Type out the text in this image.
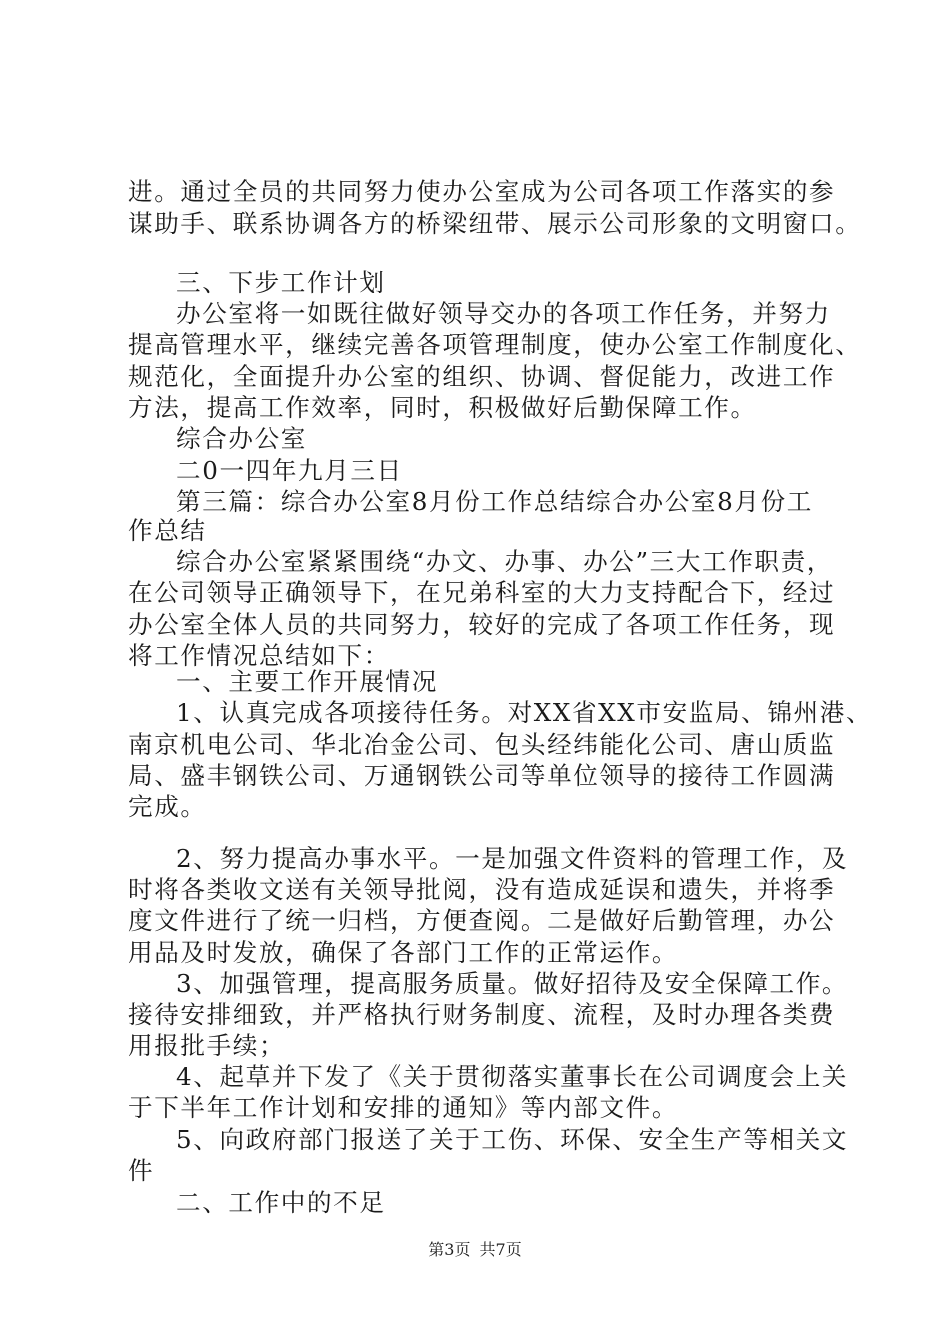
进。通过全员的共同努力使办公室成为公司各项工作落实的参
谋助手、联系协调各方的桥梁纽带、展示公司形象的文明窗口。
三、下步工作计划
办公室将一如既往做好领导交办的各项工作任务，并努力
提高管理水平，继续完善各项管理制度，使办公室工作制度化、
规范化，全面提升办公室的组织、协调、督促能力，改进工作
方法，提高工作效率，同时，积极做好后勤保障工作。
综合办公室
二0一四年九月三日
第三篇：综合办公室8月份工作总结综合办公室8月份工
作总结
综合办公室紧紧围绕“办文、办事、办公”三大工作职责，
在公司领导正确领导下，在兄弟科室的大力支持配合下，经过
办公室全体人员的共同努力，较好的完成了各项工作任务，现
将工作情况总结如下：
一、主要工作开展情况
1、认真完成各项接待任务。对XX省XX市安监局、锦州港、
南京机电公司、华北冶金公司、包头经纬能化公司、唐山质监
局、盛丰钢铁公司、万通钢铁公司等单位领导的接待工作圆满
完成。
2、努力提高办事水平。一是加强文件资料的管理工作，及
时将各类收文送有关领导批阅，没有造成延误和遗失，并将季
度文件进行了统一归档，方便查阅。二是做好后勤管理，办公
用品及时发放，确保了各部门工作的正常运作。
3、加强管理，提高服务质量。做好招待及安全保障工作。
接待安排细致，并严格执行财务制度、流程，及时办理各类费
用报批手续；
4、起草并下发了《关于贯彻落实董事长在公司调度会上关
于下半年工作计划和安排的通知》等内部文件。
5、向政府部门报送了关于工伤、环保、安全生产等相关文
件
二、工作中的不足
第3页 共7页
